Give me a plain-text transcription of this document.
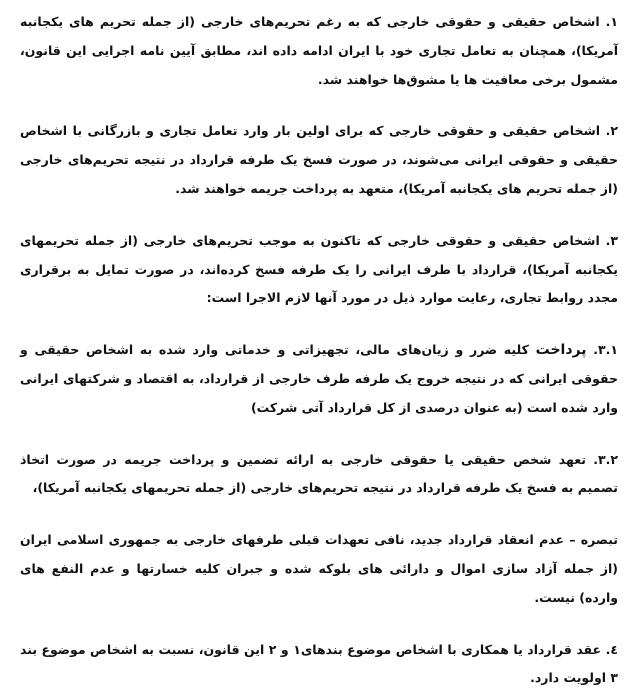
۱. اشخاص حقیقی و حقوقی خارجی که به رغم تحریم‌های خارجی (از جمله تحریم های یکجانبه آمریکا)، همچنان به تعامل تجاری خود با ایران ادامه داده اند، مطابق آیین نامه اجرایی این قانون، مشمول برخی معافیت ها یا مشوق‌ها خواهند شد.

۲. اشخاص حقیقی و حقوقی خارجی که برای اولین بار وارد تعامل تجاری و بازرگانی با اشخاص حقیقی و حقوقی ایرانی می‌شوند، در صورت فسخ یک طرفه قرارداد در نتیجه تحریم‌های خارجی (از جمله تحریم های یکجانبه آمریکا)، متعهد به پرداخت جریمه خواهند شد.

۳. اشخاص حقیقی و حقوقی خارجی که تاکنون به موجب تحریم‌های خارجی (از جمله تحریمهای یکجانبه آمریکا)، قرارداد با طرف ایرانی را یک طرفه فسخ کرده‌اند، در صورت تمایل به برقراری مجدد روابط تجاری، رعایت موارد ذیل در مورد آنها لازم الاجرا است:

۳.۱. پرداخت کلیه ضرر و زیان‌های مالی، تجهیزاتی و خدماتی وارد شده به اشخاص حقیقی و حقوقی ایرانی که در نتیجه خروج یک طرفه طرف خارجی از قرارداد، به اقتصاد و شرکتهای ایرانی وارد شده است (به عنوان درصدی از کل قرارداد آتی شرکت)

۳.۲. تعهد شخص حقیقی یا حقوقی خارجی به ارائه تضمین و پرداخت جریمه در صورت اتخاذ تصمیم به فسخ یک طرفه قرارداد در نتیجه تحریم‌های خارجی (از جمله تحریمهای یکجانبه آمریکا)،

تبصره – عدم انعقاد قرارداد جدید، نافی تعهدات قبلی طرفهای خارجی به جمهوری اسلامی ایران (از جمله آزاد سازی اموال و دارائی های بلوکه شده و جبران کلیه خسارتها و عدم النفع های وارده) نیست.

٤. عقد قرارداد یا همکاری با اشخاص موضوع بندهای۱ و ۲ این قانون، نسبت به اشخاص موضوع بند ۳ اولویت دارد.
